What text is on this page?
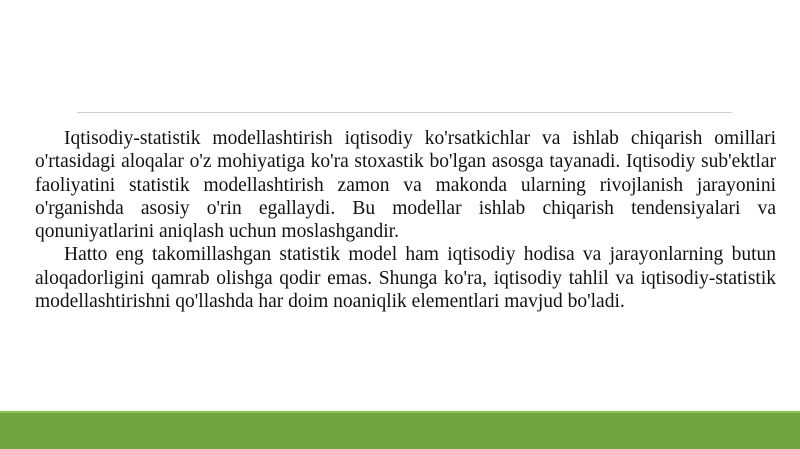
Iqtisodiy-statistik modellashtirish iqtisodiy ko'rsatkichlar va ishlab chiqarish omillari o'rtasidagi aloqalar o'z mohiyatiga ko'ra stoxastik bo'lgan asosga tayanadi. Iqtisodiy sub'ektlar faoliyatini statistik modellashtirish zamon va makonda ularning rivojlanish jarayonini o'rganishda asosiy o'rin egallaydi. Bu modellar ishlab chiqarish tendensiyalari va qonuniyatlarini aniqlash uchun moslashgandir.

Hatto eng takomillashgan statistik model ham iqtisodiy hodisa va jarayonlarning butun aloqadorligini qamrab olishga qodir emas. Shunga ko'ra, iqtisodiy tahlil va iqtisodiy-statistik modellashtirishni qo'llashda har doim noaniqlik elementlari mavjud bo'ladi.
